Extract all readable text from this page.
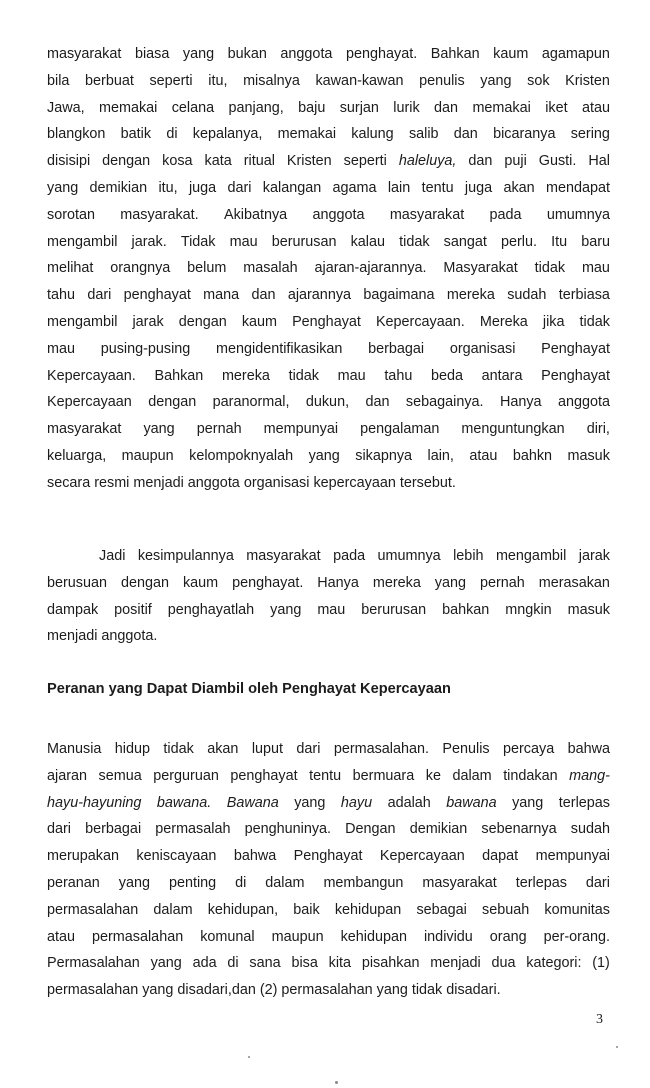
masyarakat biasa yang bukan anggota penghayat. Bahkan kaum agamapun
bila berbuat seperti itu, misalnya kawan-kawan penulis yang sok Kristen
Jawa, memakai celana panjang, baju surjan lurik dan memakai iket atau
blangkon batik di kepalanya, memakai kalung salib dan bicaranya sering
disisipi dengan kosa kata ritual Kristen seperti haleluya, dan puji Gusti. Hal
yang demikian itu, juga dari kalangan agama lain tentu juga akan mendapat
sorotan masyarakat. Akibatnya anggota masyarakat pada umumnya
mengambil jarak. Tidak mau berurusan kalau tidak sangat perlu. Itu baru
melihat orangnya belum masalah ajaran-ajarannya. Masyarakat tidak mau
tahu dari penghayat mana dan ajarannya bagaimana mereka sudah terbiasa
mengambil jarak dengan kaum Penghayat Kepercayaan. Mereka jika tidak
mau pusing-pusing mengidentifikasikan berbagai organisasi Penghayat
Kepercayaan. Bahkan mereka tidak mau tahu beda antara Penghayat
Kepercayaan dengan paranormal, dukun, dan sebagainya. Hanya anggota
masyarakat yang pernah mempunyai pengalaman menguntungkan diri,
keluarga, maupun kelompoknyalah yang sikapnya lain, atau bahkn masuk
secara resmi menjadi anggota organisasi kepercayaan tersebut.
Jadi kesimpulannya masyarakat pada umumnya lebih mengambil jarak
berusuan dengan kaum penghayat. Hanya mereka yang pernah merasakan
dampak positif penghayatlah yang mau berurusan bahkan mngkin masuk
menjadi anggota.
Peranan yang Dapat Diambil oleh Penghayat Kepercayaan
Manusia hidup tidak akan luput dari permasalahan. Penulis percaya bahwa
ajaran semua perguruan penghayat tentu bermuara ke dalam tindakan mang-
hayu-hayuning bawana. Bawana yang hayu adalah bawana yang terlepas
dari berbagai permasalah penghuninya. Dengan demikian sebenarnya sudah
merupakan keniscayaan bahwa Penghayat Kepercayaan dapat mempunyai
peranan yang penting di dalam membangun masyarakat terlepas dari
permasalahan dalam kehidupan, baik kehidupan sebagai sebuah komunitas
atau permasalahan komunal maupun kehidupan individu orang per-orang.
Permasalahan yang ada di sana bisa kita pisahkan menjadi dua kategori: (1)
permasalahan yang disadari,dan (2) permasalahan yang tidak disadari.
3
